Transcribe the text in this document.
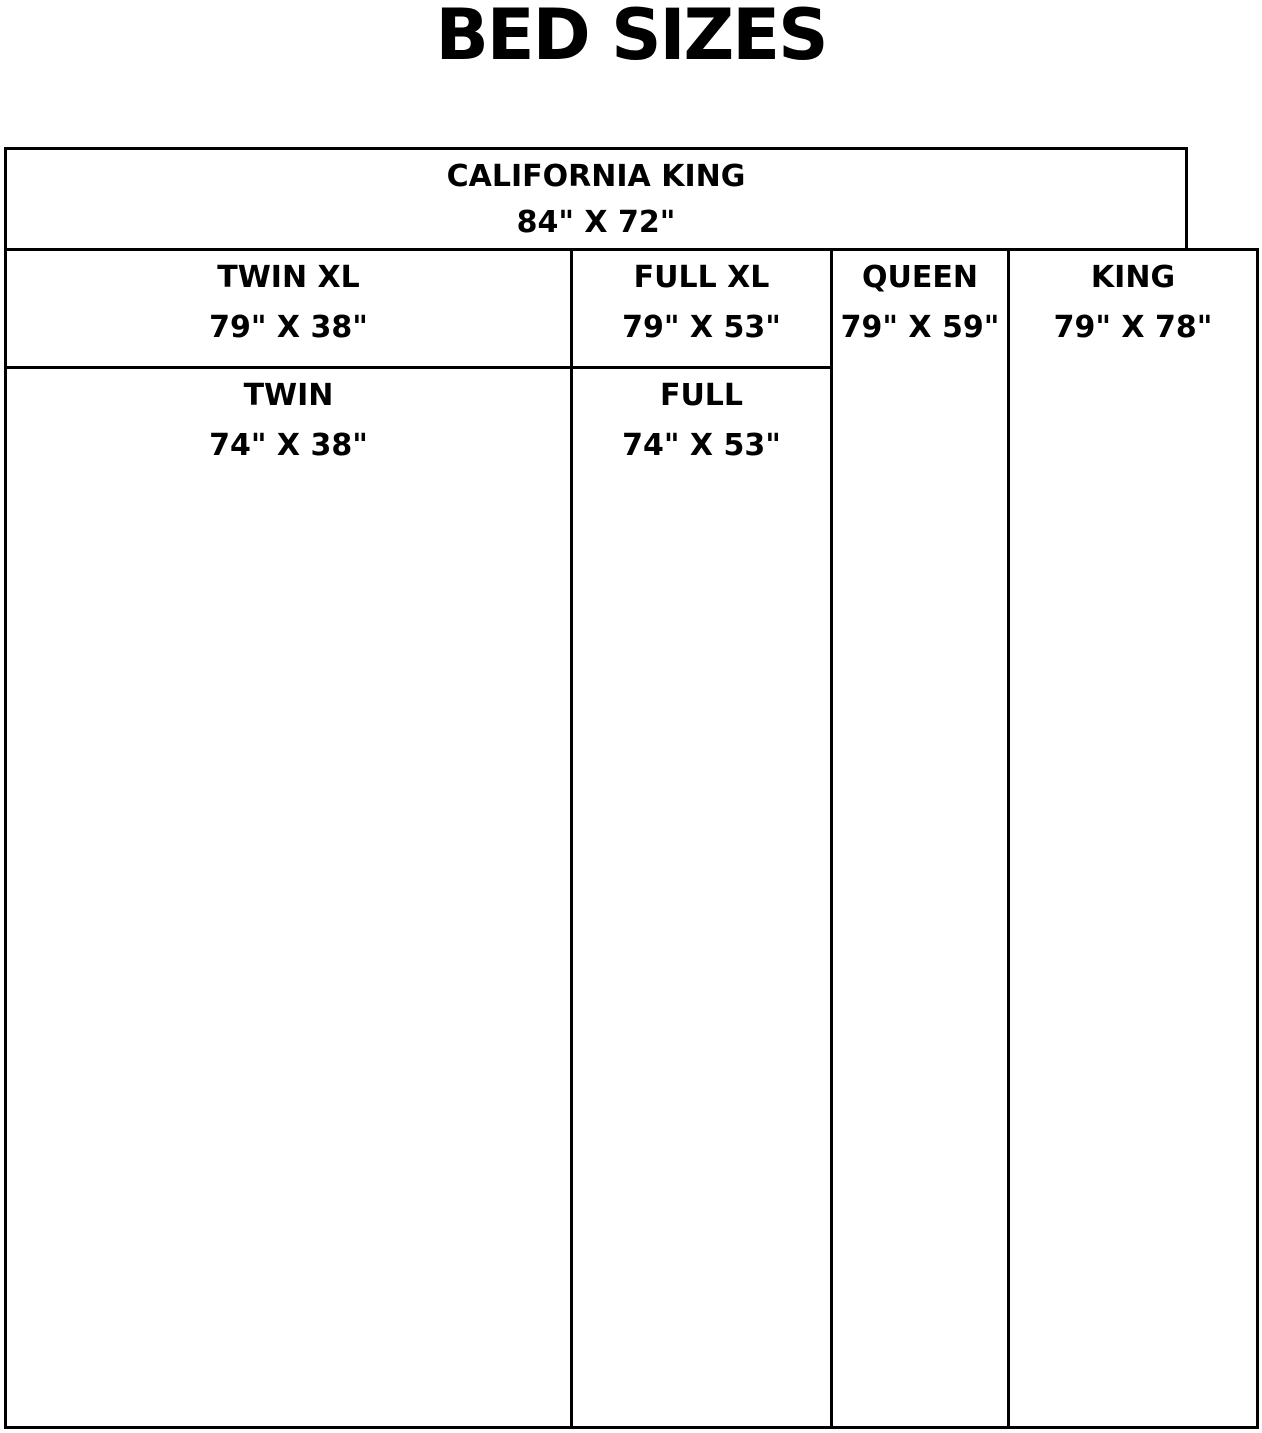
BED SIZES
CALIFORNIA KING
84" X 72"
TWIN XL
79" X 38"
TWIN
74" X 38"
FULL XL
79" X 53"
FULL
74" X 53"
QUEEN
79" X 59"
KING
79" X 78"
